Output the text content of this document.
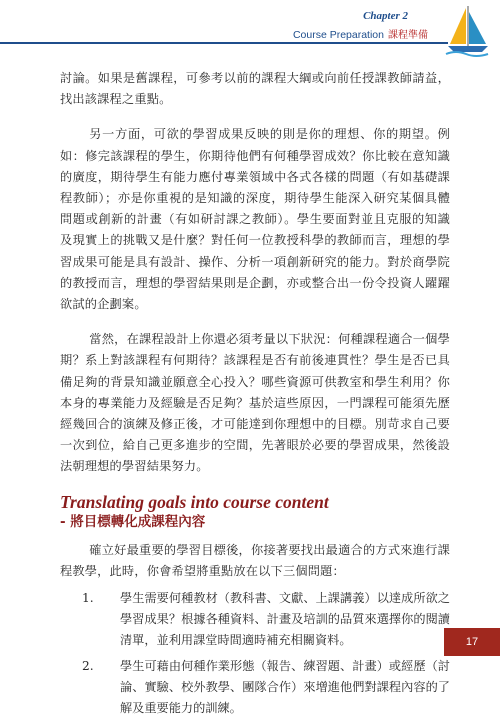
Chapter 2
Course Preparation 課程準備

討論。如果是舊課程，可參考以前的課程大綱或向前任授課教師請益，找出該課程之重點。

另一方面，可欲的學習成果反映的則是你的理想、你的期望。例如：修完該課程的學生，你期待他們有何種學習成效？你比較在意知識的廣度，期待學生有能力應付專業領域中各式各樣的問題（有如基礎課程教師）；亦是你重視的是知識的深度，期待學生能深入研究某個具體問題或創新的計畫（有如研討課之教師）。學生要面對並且克服的知識及現實上的挑戰又是什麼？對任何一位教授科學的教師而言，理想的學習成果可能是具有設計、操作、分析一項創新研究的能力。對於商學院的教授而言，理想的學習結果則是企劃，亦或整合出一份令投資人躍躍欲試的企劃案。

當然，在課程設計上你還必須考量以下狀況：何種課程適合一個學期？系上對該課程有何期待？該課程是否有前後連貫性？學生是否已具備足夠的背景知識並願意全心投入？哪些資源可供教室和學生利用？你本身的專業能力及經驗是否足夠？基於這些原因，一門課程可能須先歷經幾回合的演練及修正後，才可能達到你理想中的目標。別苛求自己要一次到位，給自己更多進步的空間，先著眼於必要的學習成果，然後設法朝理想的學習結果努力。

Translating goals into course content
- 將目標轉化成課程內容

確立好最重要的學習目標後，你接著要找出最適合的方式來進行課程教學，此時，你會希望將重點放在以下三個問題：

1.	學生需要何種教材（教科書、文獻、上課講義）以達成所欲之學習成果？根據各種資料、計畫及培訓的品質來選擇你的閱讀清單，並利用課堂時間適時補充相關資料。
2.	學生可藉由何種作業形態（報告、練習題、計畫）或經歷（討論、實驗、校外教學、團隊合作）來增進他們對課程內容的了解及重要能力的訓練。
17
